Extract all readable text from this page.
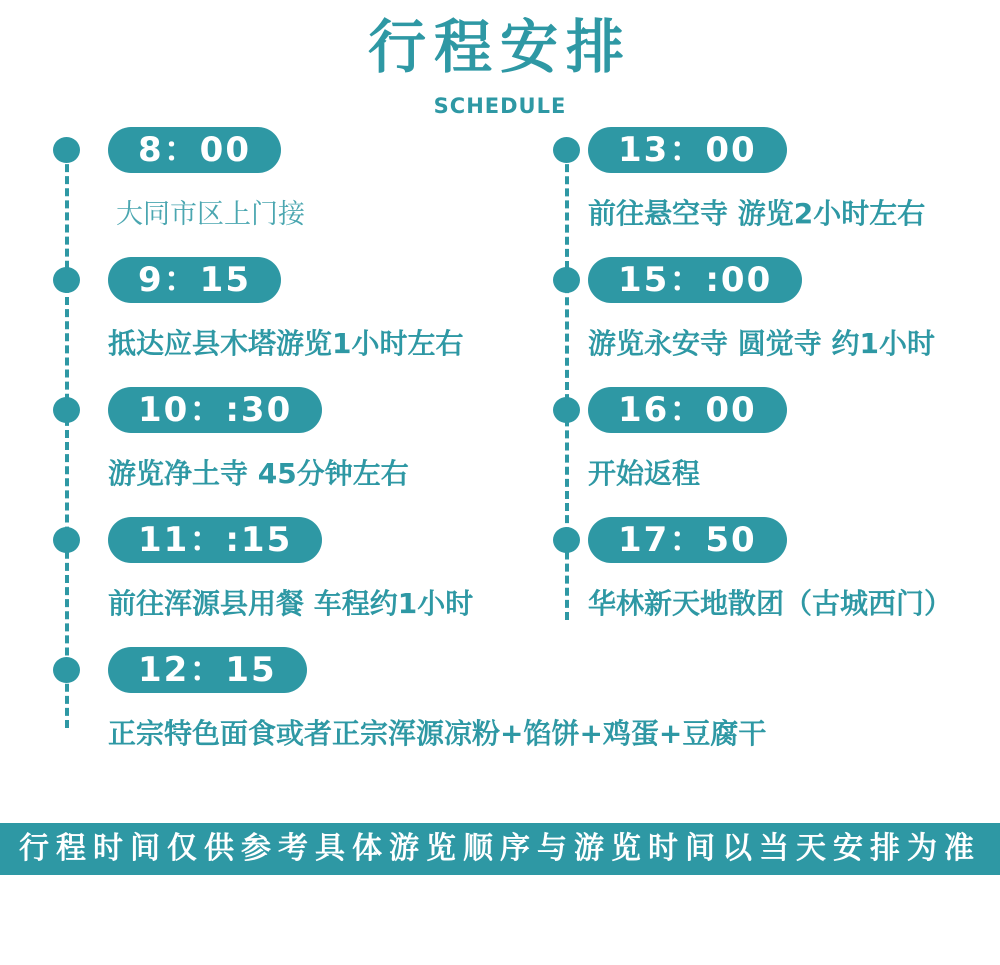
行程安排
SCHEDULE
8：00
大同市区上门接
9：15
抵达应县木塔游览1小时左右
10：:30
游览净土寺 45分钟左右
11：:15
前往浑源县用餐 车程约1小时
12：15
正宗特色面食或者正宗浑源凉粉+馅饼+鸡蛋+豆腐干
13：00
前往悬空寺 游览2小时左右
15：:00
游览永安寺 圆觉寺 约1小时
16：00
开始返程
17：50
华林新天地散团（古城西门）
行程时间仅供参考具体游览顺序与游览时间以当天安排为准
